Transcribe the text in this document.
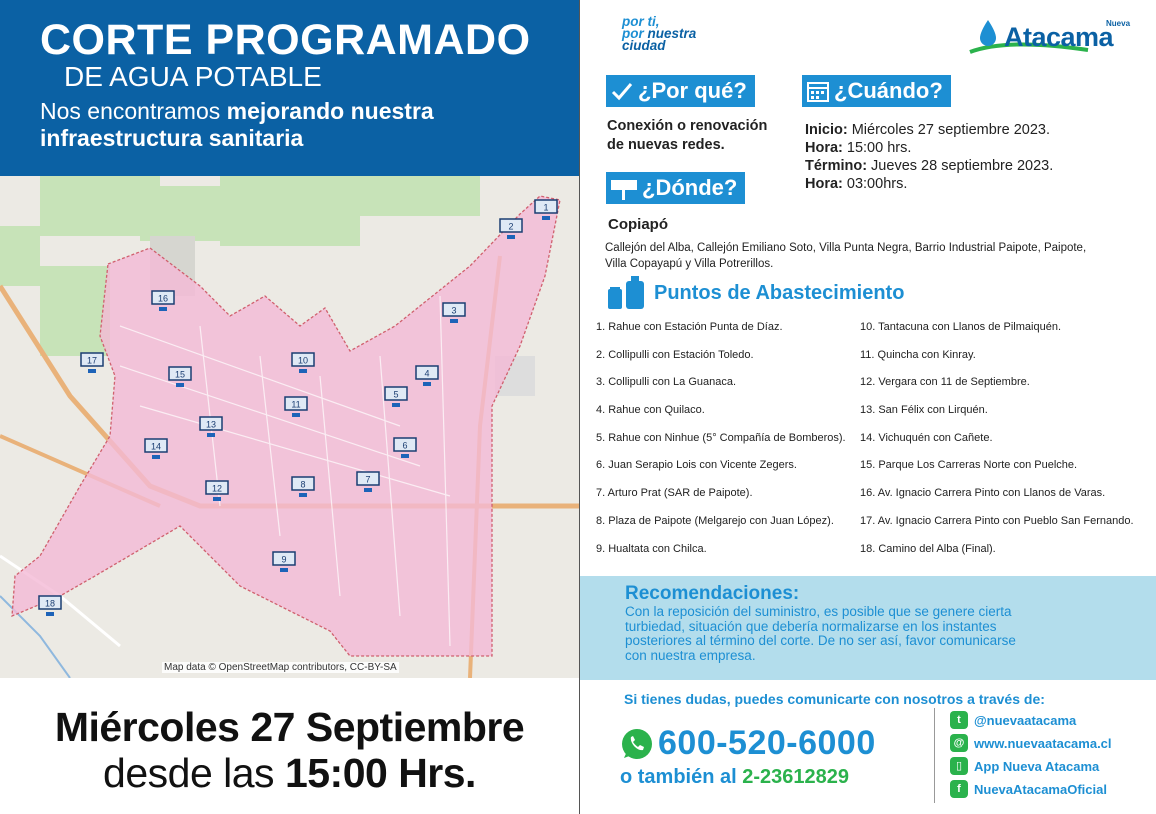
CORTE PROGRAMADO
DE AGUA POTABLE
Nos encontramos mejorando nuestra
infraestructura sanitaria
1
2
3
4
5
6
7
8
9
10
11
12
13
14
15
16
17
18
Map data © OpenStreetMap contributors, CC-BY-SA
Miércoles 27 Septiembre
desde las 15:00 Hrs.
por ti,
por nuestra
ciudad	Atacama
Nueva
¿Por qué?
Conexión o renovación
de nuevas redes.
¿Dónde?
Copiapó
Callejón del Alba, Callejón Emiliano Soto, Villa Punta Negra, Barrio Industrial Paipote, Paipote,
Villa Copayapú y Villa Potrerillos.
¿Cuándo?
Inicio: Miércoles 27 septiembre 2023.
Hora: 15:00 hrs.
Término: Jueves 28 septiembre 2023.
Hora: 03:00hrs.
Puntos de Abastecimiento
1. Rahue con Estación Punta de Díaz.
2. Collipulli con Estación Toledo.
3. Collipulli con La Guanaca.
4. Rahue con Quilaco.
5. Rahue con Ninhue (5° Compañía de Bomberos).
6. Juan Serapio Lois con Vicente Zegers.
7. Arturo Prat (SAR de Paipote).
8. Plaza de Paipote (Melgarejo con Juan López).
9. Hualtata con Chilca.
10. Tantacuna con Llanos de Pilmaiquén.
11. Quincha con Kinray.
12. Vergara con 11 de Septiembre.
13. San Félix con Lirquén.
14. Vichuquén con Cañete.
15. Parque Los Carreras Norte con Puelche.
16. Av. Ignacio Carrera Pinto con Llanos de Varas.
17. Av. Ignacio Carrera Pinto con Pueblo San Fernando.
18. Camino del Alba (Final).
Recomendaciones:
Con la reposición del suministro, es posible que se genere cierta
turbiedad, situación que debería normalizarse en los instantes
posteriores al término del corte. De no ser así, favor comunicarse
con nuestra empresa.
Si tienes dudas, puedes comunicarte con nosotros a través de:
600-520-6000
o también al 2-23612829
t	@nuevaatacama
@ www.nuevaatacama.cl
▯ App Nueva Atacama
f	NuevaAtacamaOficial
